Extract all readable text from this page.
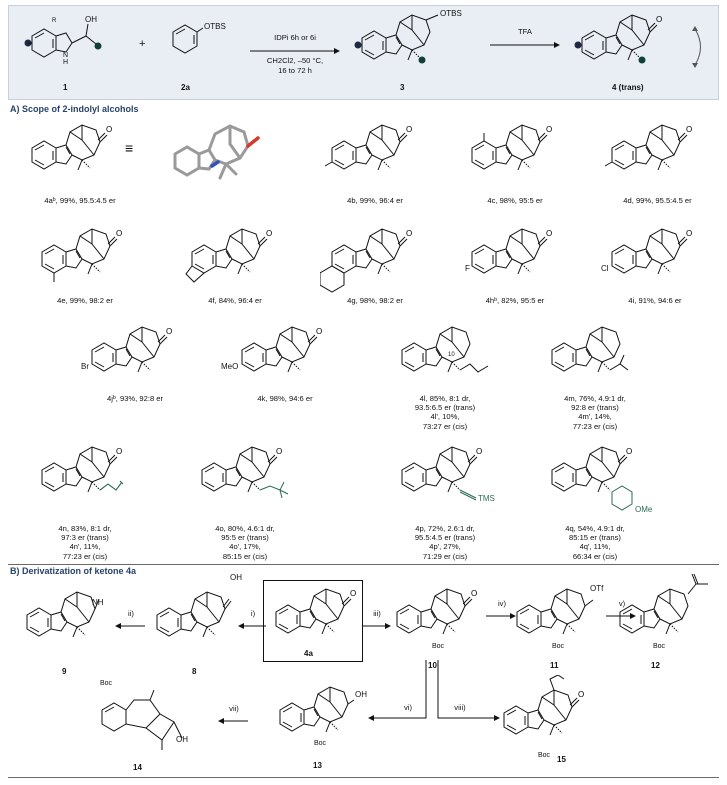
R	OH
N H
1
+
OTBS
2a
IDPi 6h or 6i
CH2Cl2, –50 °C,
16 to 72 h
OTBS
3
TFA
4 (trans)
A) Scope of 2-indolyl alcohols
≡
4aᵇ, 99%, 95.5:4.5 er	4b, 99%, 96:4 er	4c, 98%, 95:5 er	4d, 99%, 95.5:4.5 er
F	Cl
4e, 99%, 98:2 er	4f, 84%, 96:4 er	4g, 98%, 98:2 er	4hᵇ, 82%, 95:5 er	4i, 91%, 94:6 er
Br	MeO
10
4jᵇ, 93%, 92:8 er	4k, 98%, 94:6 er	4l, 85%, 8:1 dr,
93.5:6.5 er (trans)
4l', 10%,
73:27 er (cis)
4m, 76%, 4.9:1 dr,
92:8 er (trans)
4m', 14%,
77:23 er (cis)
TMS
OMe
4n, 83%, 8:1 dr,
97:3 er (trans)
4n', 11%,
77:23 er (cis)
4o, 80%, 4.6:1 dr,
95:5 er (trans)
4o', 17%,
85:15 er (cis)
4p, 72%, 2.6:1 dr,
95.5:4.5 er (trans)
4p', 27%,
71:29 er (cis)
4q, 54%, 4.9:1 dr,
85:15 er (trans)
4q', 11%,
66:34 er (cis)
B) Derivatization of ketone 4a
NH
9
ii)
OH
8
i)
4a
iii)
Boc
10
iv)
OTf
Boc
11
v)
Boc
12
Boc
OH
14
vii)
OH
Boc
13
vi)	viii)
Boc 15
